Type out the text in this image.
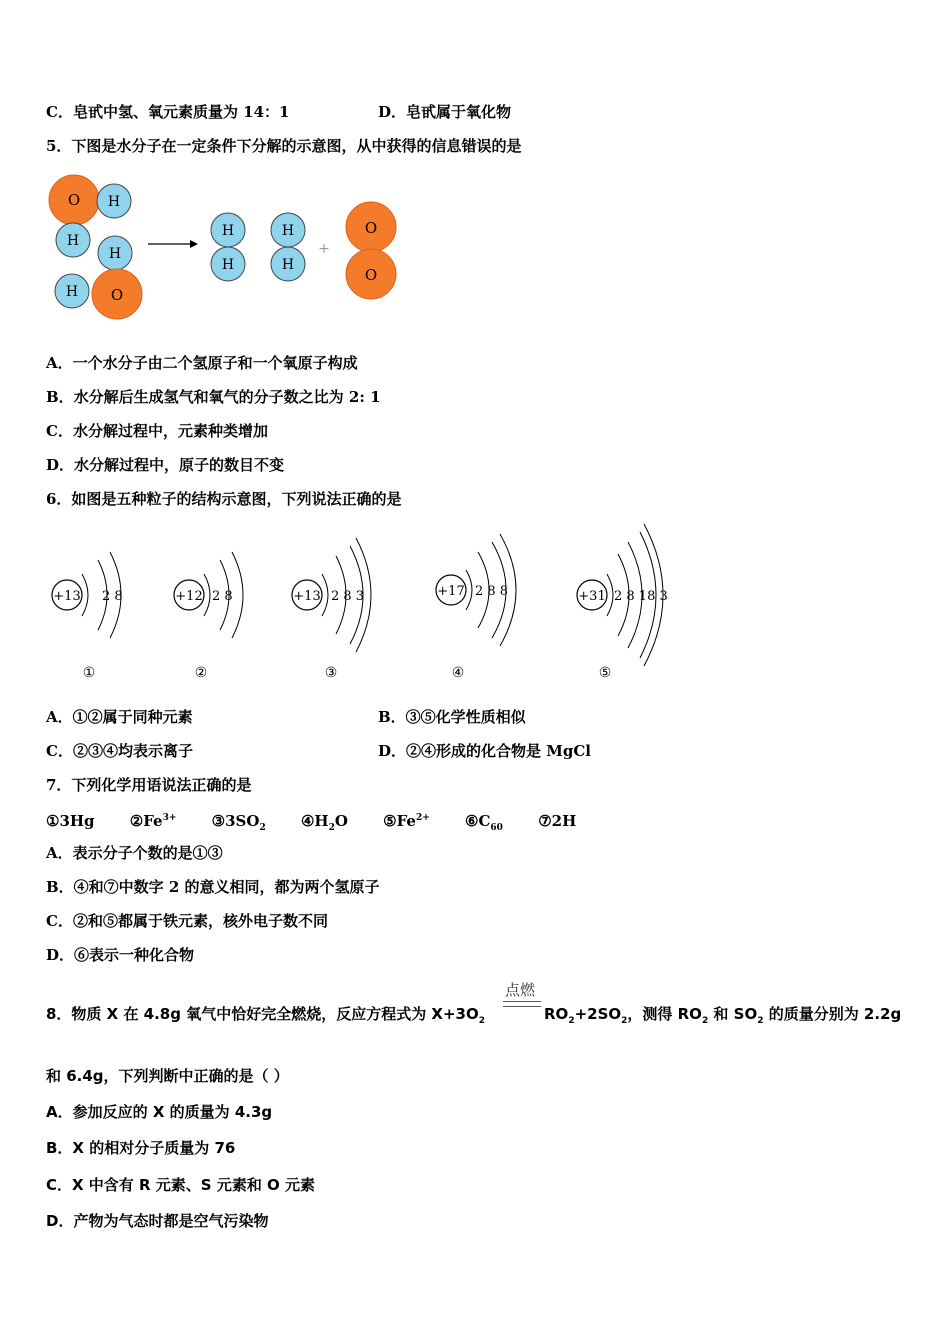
C．皂甙中氢、氧元素质量为 14：1	D．皂甙属于氧化物
5．下图是水分子在一定条件下分解的示意图，从中获得的信息错误的是
O H
H
H
H O
H
H
H
H
+
O
O
A．一个水分子由二个氢原子和一个氧原子构成
B．水分解后生成氢气和氧气的分子数之比为 2: 1
C．水分解过程中，元素种类增加
D．水分解过程中，原子的数目不变
6．如图是五种粒子的结构示意图，下列说法正确的是
+13 2 8
①
+12 2 8
②
+13 2 8 3
③
+17 2 8 8
④
+31 2 8 18 3
⑤
A．①②属于同种元素	B．③⑤化学性质相似
C．②③④均表示离子	D．②④形成的化合物是 MgCl
7．下列化学用语说法正确的是
①3Hg $②Fe^{3+}$ $③3SO_2$ $④H_2O$ $⑤Fe^{2+}$ $⑥C_{60}$ ⑦2H
A．表示分子个数的是①③
B．④和⑦中数字 2 的意义相同，都为两个氢原子
C．②和⑤都属于铁元素，核外电子数不同
D．⑥表示一种化合物
点燃
8．物质 X 在 4.8g 氧气中恰好完全燃烧，反应方程式为 $X+3O_2$	$RO_2+2SO_2$，测得 $RO_2$ 和 $SO_2$ 的质量分别为 2.2g
和 6.4g，下列判断中正确的是（ ）
A．参加反应的 X 的质量为 4.3g
B．X 的相对分子质量为 76
C．X 中含有 R 元素、S 元素和 O 元素
D．产物为气态时都是空气污染物
